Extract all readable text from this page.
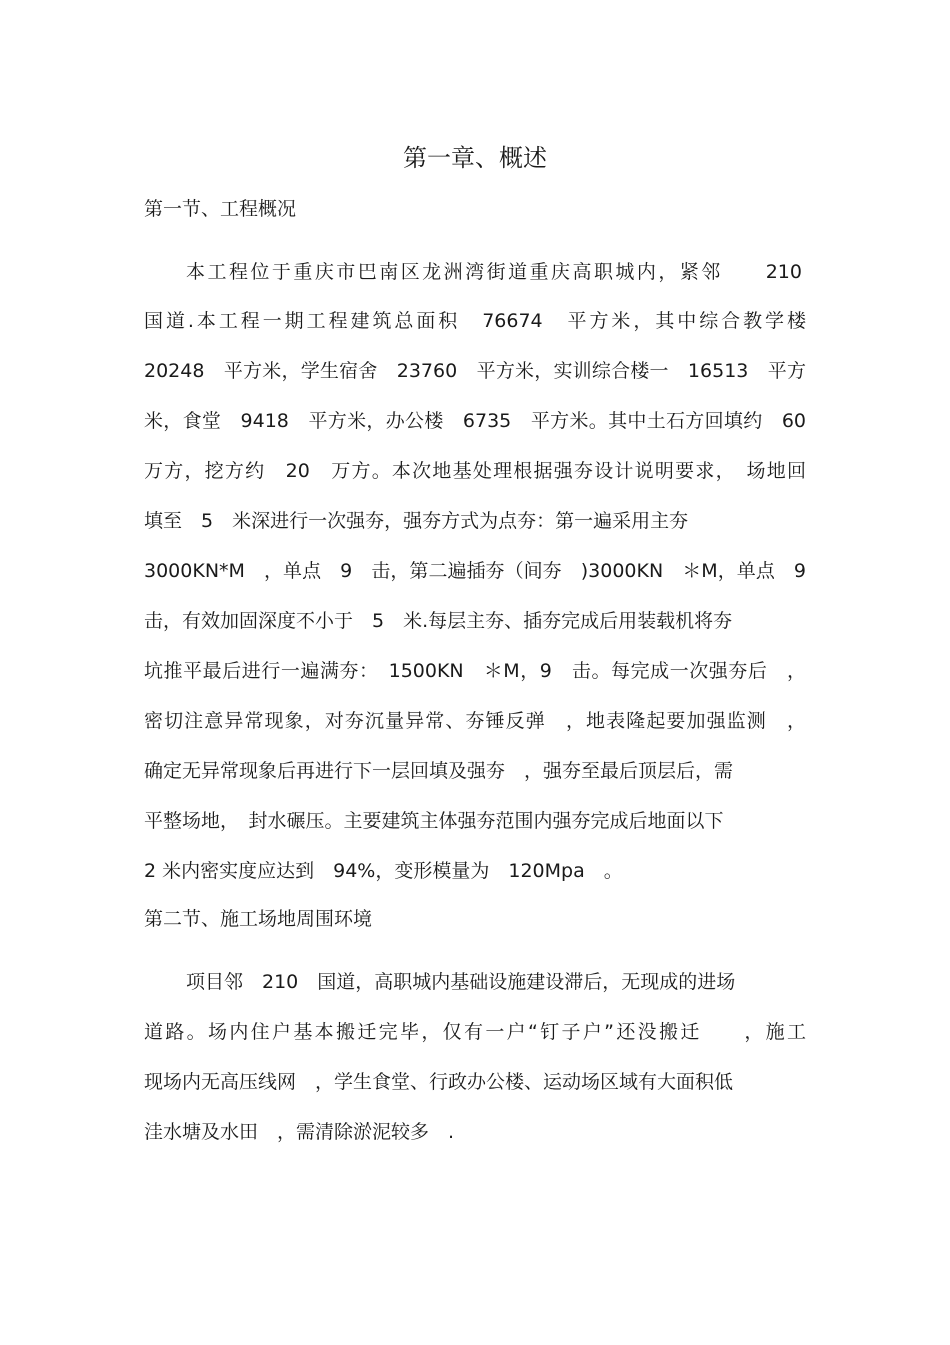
第一章、概述
第一节、工程概况
本工程位于重庆市巴南区龙洲湾街道重庆高职城内，紧邻　　210
国道.本工程一期工程建筑总面积　76674　平方米，其中综合教学楼
20248　平方米，学生宿舍　23760　平方米，实训综合楼一　16513　平方
米，食堂　9418　平方米，办公楼　6735　平方米。其中土石方回填约　60
万方，挖方约　20　万方。本次地基处理根据强夯设计说明要求，　场地回
填至　5　米深进行一次强夯，强夯方式为点夯：第一遍采用主夯
3000KN*M　，单点　9　击，第二遍插夯（间夯　)3000KN　＊M，单点　9
击，有效加固深度不小于　5　米.每层主夯、插夯完成后用装载机将夯
坑推平最后进行一遍满夯：　1500KN　＊M，9　击。每完成一次强夯后　，
密切注意异常现象，对夯沉量异常、夯锤反弹　，地表隆起要加强监测　，
确定无异常现象后再进行下一层回填及强夯　，强夯至最后顶层后，需
平整场地，　封水碾压。主要建筑主体强夯范围内强夯完成后地面以下
2 米内密实度应达到　94%，变形模量为　120Mpa　。
第二节、施工场地周围环境
项目邻　210　国道，高职城内基础设施建设滞后，无现成的进场
道路。场内住户基本搬迁完毕，仅有一户“钉子户”还没搬迁　　，施工
现场内无高压线网　，学生食堂、行政办公楼、运动场区域有大面积低
洼水塘及水田　，需清除淤泥较多　.
